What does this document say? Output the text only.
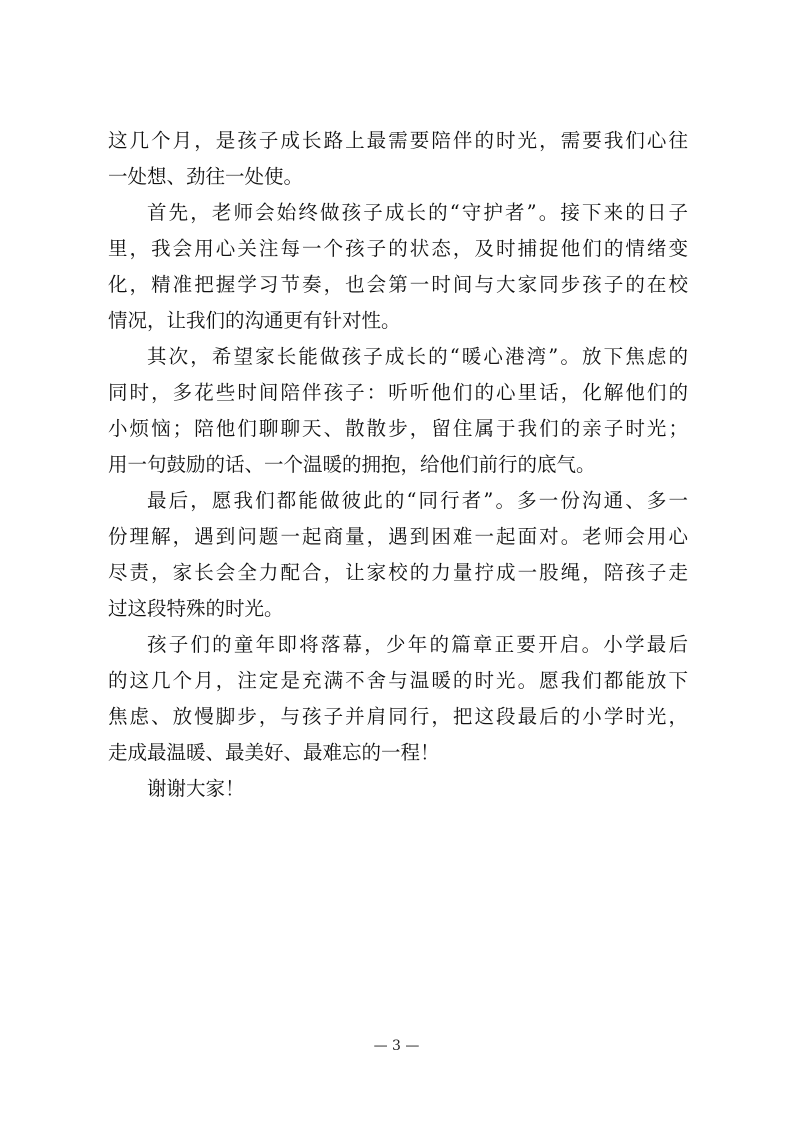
这几个月，是孩子成长路上最需要陪伴的时光，需要我们心往
一处想、劲往一处使。
首先，老师会始终做孩子成长的“守护者”。接下来的日子
里，我会用心关注每一个孩子的状态，及时捕捉他们的情绪变
化，精准把握学习节奏，也会第一时间与大家同步孩子的在校
情况，让我们的沟通更有针对性。
其次，希望家长能做孩子成长的“暖心港湾”。放下焦虑的
同时，多花些时间陪伴孩子：听听他们的心里话，化解他们的
小烦恼；陪他们聊聊天、散散步，留住属于我们的亲子时光；
用一句鼓励的话、一个温暖的拥抱，给他们前行的底气。
最后，愿我们都能做彼此的“同行者”。多一份沟通、多一
份理解，遇到问题一起商量，遇到困难一起面对。老师会用心
尽责，家长会全力配合，让家校的力量拧成一股绳，陪孩子走
过这段特殊的时光。
孩子们的童年即将落幕，少年的篇章正要开启。小学最后
的这几个月，注定是充满不舍与温暖的时光。愿我们都能放下
焦虑、放慢脚步，与孩子并肩同行，把这段最后的小学时光，
走成最温暖、最美好、最难忘的一程！
谢谢大家！
— 3 —
